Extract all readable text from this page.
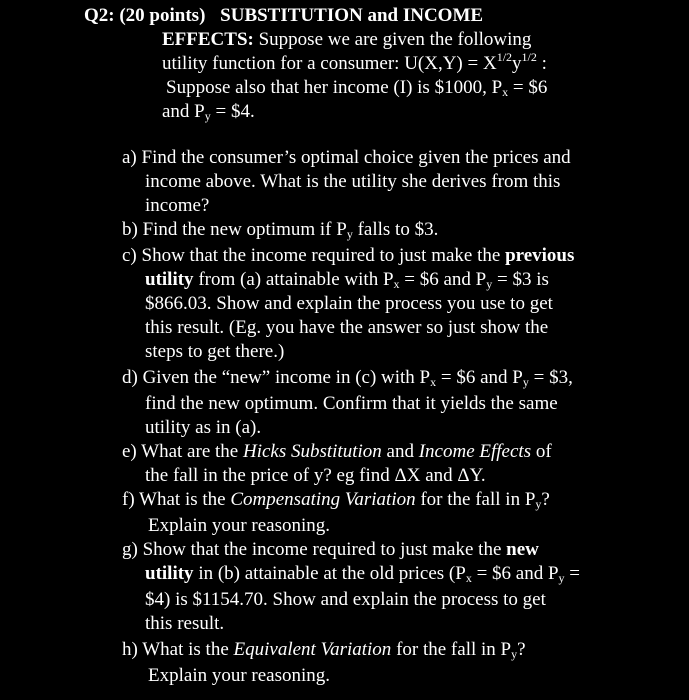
Q2: (20 points) SUBSTITUTION and INCOME
EFFECTS: Suppose we are given the following
utility function for a consumer: $U(X,Y) = X^{1/2}y^{1/2}$ :
Suppose also that her income (I) is $1000, $P_x$ = $6
and $P_y$ = $4.
a) Find the consumer’s optimal choice given the prices and
income above. What is the utility she derives from this
income?
b) Find the new optimum if $P_y$ falls to $3.
c) Show that the income required to just make the previous
utility from (a) attainable with $P_x$ = $6 and $P_y$ = $3 is
$866.03. Show and explain the process you use to get
this result. (Eg. you have the answer so just show the
steps to get there.)
d) Given the “new” income in (c) with $P_x$ = $6 and $P_y$ = $3,
find the new optimum. Confirm that it yields the same
utility as in (a).
e) What are the Hicks Substitution and Income Effects of
the fall in the price of y? eg find ΔX and ΔY.
f) What is the Compensating Variation for the fall in $P_y$?
Explain your reasoning.
g) Show that the income required to just make the new
utility in (b) attainable at the old prices ($P_x$ = $6 and $P_y$ =
$4) is $1154.70. Show and explain the process to get
this result.
h) What is the Equivalent Variation for the fall in $P_y$?
Explain your reasoning.
